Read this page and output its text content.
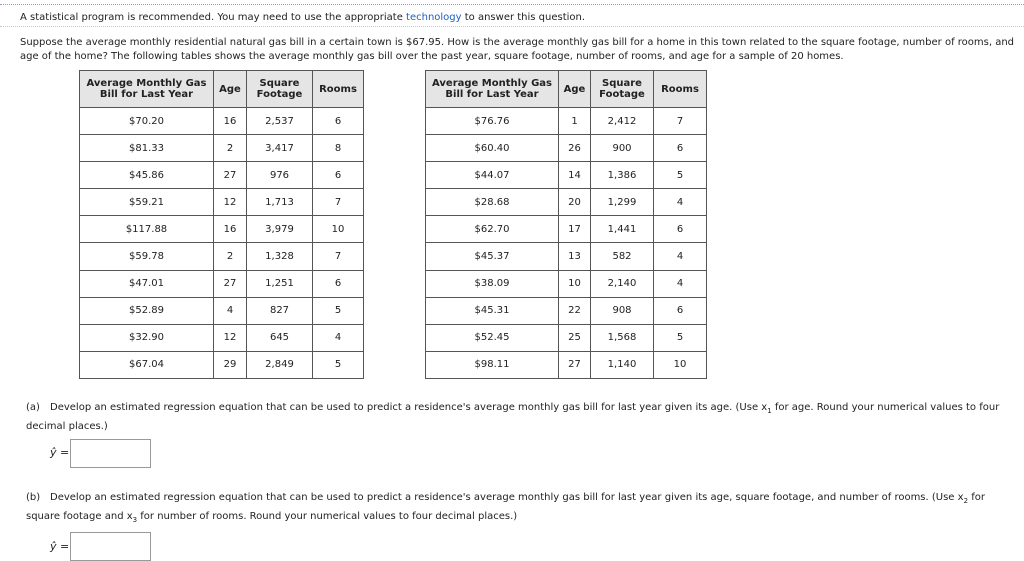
A statistical program is recommended. You may need to use the appropriate technology to answer this question.
Suppose the average monthly residential natural gas bill in a certain town is $67.95. How is the average monthly gas bill for a home in this town related to the square footage, number of rooms, and age of the home? The following tables shows the average monthly gas bill over the past year, square footage, number of rooms, and age for a sample of 20 homes.
Average Monthly Gas Bill for Last Year	Age	Square Footage	Rooms
$70.20	16	2,537	6
$81.33	2	3,417	8
$45.86	27	976	6
$59.21	12	1,713	7
$117.88	16	3,979	10
$59.78	2	1,328	7
$47.01	27	1,251	6
$52.89	4	827	5
$32.90	12	645	4
$67.04	29	2,849	5
Average Monthly Gas Bill for Last Year	Age	Square Footage	Rooms
$76.76	1	2,412	7
$60.40	26	900	6
$44.07	14	1,386	5
$28.68	20	1,299	4
$62.70	17	1,441	6
$45.37	13	582	4
$38.09	10	2,140	4
$45.31	22	908	6
$52.45	25	1,568	5
$98.11	27	1,140	10
(a) Develop an estimated regression equation that can be used to predict a residence's average monthly gas bill for last year given its age. (Use $x_1$ for age. Round your numerical values to four decimal places.)
ŷ =
(b) Develop an estimated regression equation that can be used to predict a residence's average monthly gas bill for last year given its age, square footage, and number of rooms. (Use $x_2$ for square footage and $x_3$ for number of rooms. Round your numerical values to four decimal places.)
ŷ =
